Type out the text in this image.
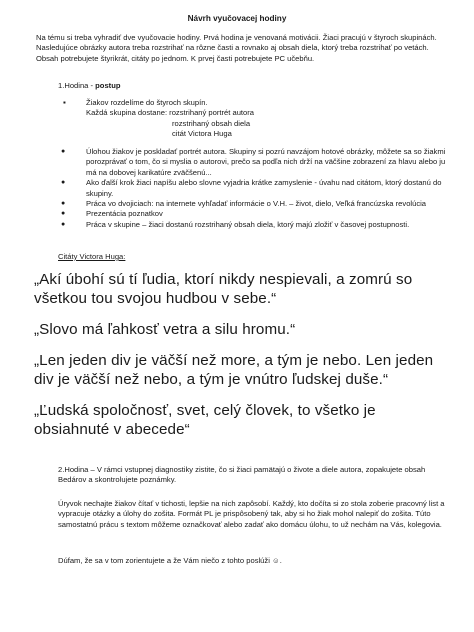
Návrh vyučovacej hodiny
Na tému si treba vyhradiť dve vyučovacie hodiny. Prvá hodina je venovaná motivácii. Žiaci pracujú v štyroch skupinách. Nasledujúce obrázky autora treba rozstrihať na rôzne časti a rovnako aj obsah diela, ktorý treba rozstrihať po vetách. Obsah potrebujete štyrikrát, citáty po jednom. K prvej časti potrebujete PC učebňu.
1.Hodina - postup
▪	Žiakov rozdelíme do štyroch skupín.
Každá skupina dostane: rozstrihaný portrét autora
rozstrihaný obsah diela
citát Victora Huga
●	Úlohou žiakov je poskladať portrét autora. Skupiny si pozrú navzájom hotové obrázky, môžete sa so žiakmi porozprávať o tom, čo si myslia o autorovi, prečo sa podľa nich drží na väčšine zobrazení za hlavu alebo ju má na dobovej karikatúre zväčšenú...
●	Ako ďalší krok žiaci napíšu alebo slovne vyjadria krátke zamyslenie - úvahu nad citátom, ktorý dostanú do skupiny.
●	Práca vo dvojiciach: na internete vyhľadať informácie o V.H. – život, dielo, Veľká francúzska revolúcia
●	Prezentácia poznatkov
●	Práca v skupine – žiaci dostanú rozstrihaný obsah diela, ktorý majú zložiť v časovej postupnosti.
Citáty Victora Huga:
„Akí úbohí sú tí ľudia, ktorí nikdy nespievali, a zomrú so všetkou tou svojou hudbou v sebe.“
„Slovo má ľahkosť vetra a silu hromu.“
„Len jeden div je väčší než more, a tým je nebo. Len jeden div je väčší než nebo, a tým je vnútro ľudskej duše.“
„Ľudská spoločnosť, svet, celý človek, to všetko je obsiahnuté v abecede“
2.Hodina – V rámci vstupnej diagnostiky zistite, čo si žiaci pamätajú o živote a diele autora, zopakujete obsah Bedárov a skontrolujete poznámky.
Úryvok nechajte žiakov čítať v tichosti, lepšie na nich zapôsobí. Každý, kto dočíta si zo stola zoberie pracovný list a vypracuje otázky a úlohy do zošita. Formát PL je prispôsobený tak, aby si ho žiak mohol nalepiť do zošita. Túto samostatnú prácu s textom môžeme označkovať alebo zadať ako domácu úlohu, to už nechám na Vás, kolegovia.
Dúfam, že sa v tom zorientujete a že Vám niečo z tohto poslúži ☺.
